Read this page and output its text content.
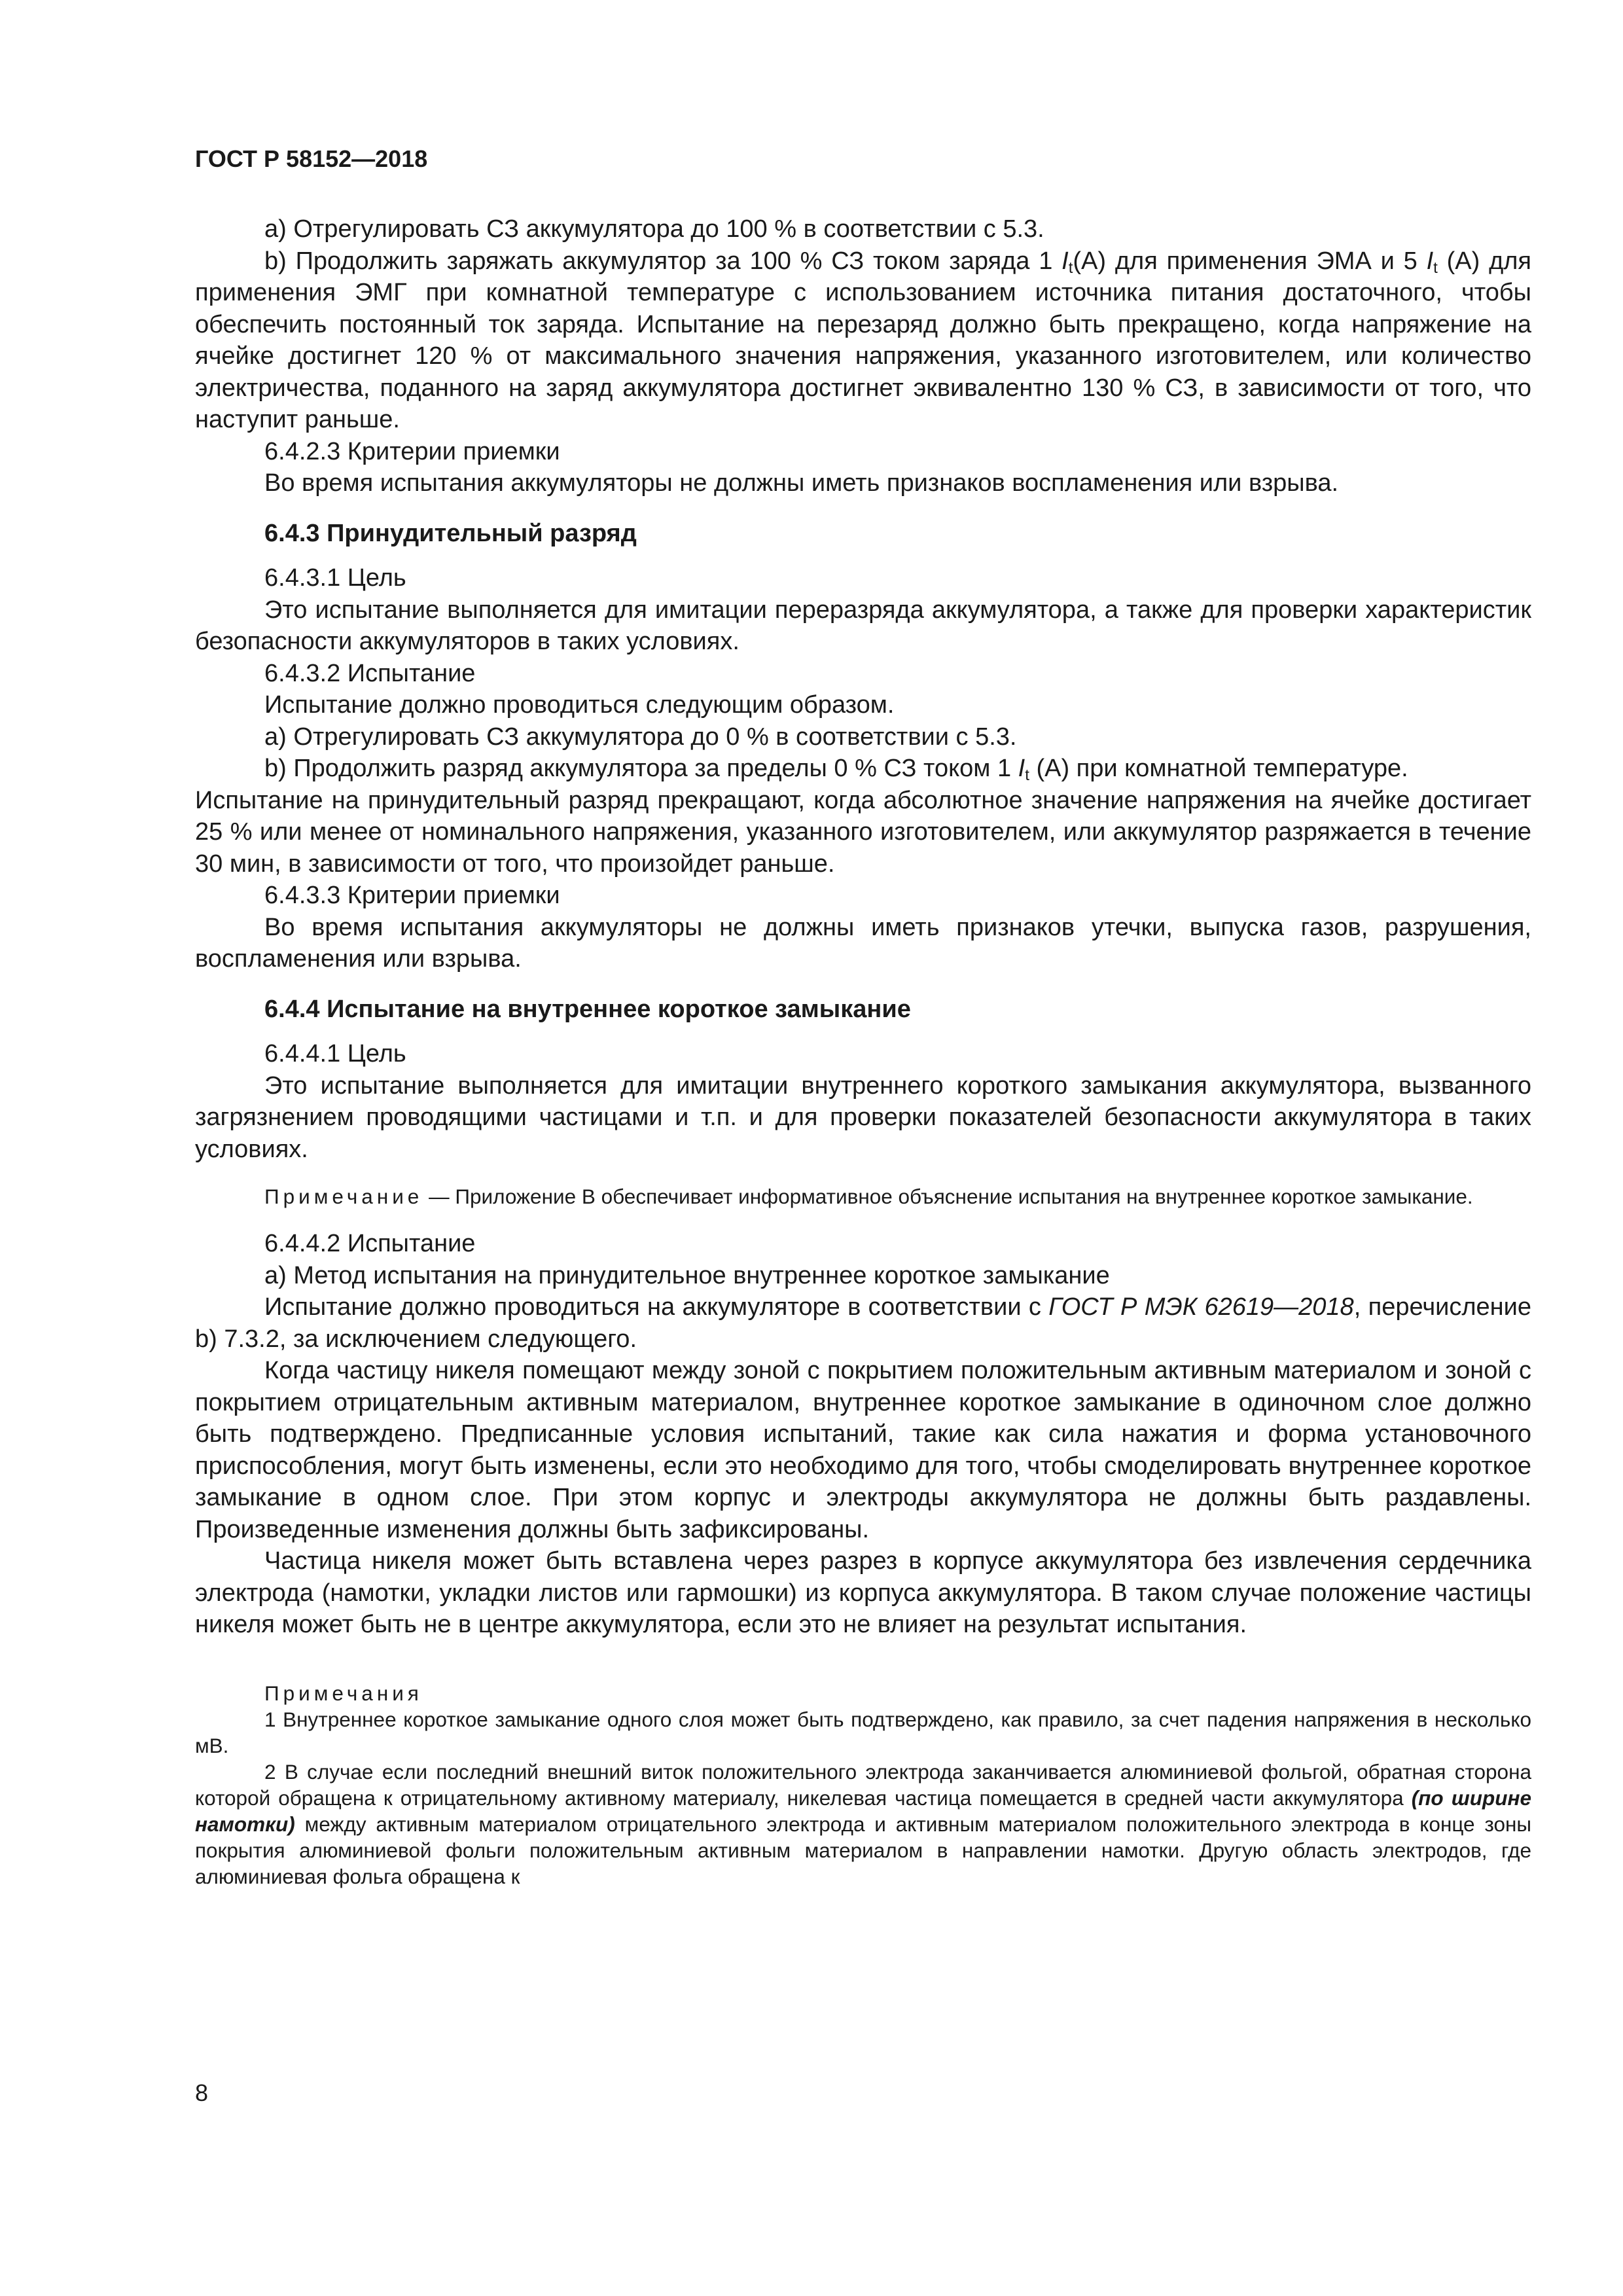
ГОСТ Р 58152—2018

a) Отрегулировать СЗ аккумулятора до 100 % в соответствии с 5.3.

b) Продолжить заряжать аккумулятор за 100 % СЗ током заряда 1 $I_t(А)$ для применения ЭМА и 5 $I_t$ (А) для применения ЭМГ при комнатной температуре с использованием источника питания достаточного, чтобы обеспечить постоянный ток заряда. Испытание на перезаряд должно быть прекращено, когда напряжение на ячейке достигнет 120 % от максимального значения напряжения, указанного изготовителем, или количество электричества, поданного на заряд аккумулятора достигнет эквивалентно 130 % СЗ, в зависимости от того, что наступит раньше.

6.4.2.3 Критерии приемки

Во время испытания аккумуляторы не должны иметь признаков воспламенения или взрыва.

6.4.3 Принудительный разряд

6.4.3.1 Цель

Это испытание выполняется для имитации переразряда аккумулятора, а также для проверки характеристик безопасности аккумуляторов в таких условиях.

6.4.3.2 Испытание

Испытание должно проводиться следующим образом.

a) Отрегулировать СЗ аккумулятора до 0 % в соответствии с 5.3.

b) Продолжить разряд аккумулятора за пределы 0 % СЗ током 1 $I_t$ (А) при комнатной температуре.

Испытание на принудительный разряд прекращают, когда абсолютное значение напряжения на ячейке достигает 25 % или менее от номинального напряжения, указанного изготовителем, или аккумулятор разряжается в течение 30 мин, в зависимости от того, что произойдет раньше.

6.4.3.3 Критерии приемки

Во время испытания аккумуляторы не должны иметь признаков утечки, выпуска газов, разрушения, воспламенения или взрыва.

6.4.4 Испытание на внутреннее короткое замыкание

6.4.4.1 Цель

Это испытание выполняется для имитации внутреннего короткого замыкания аккумулятора, вызванного загрязнением проводящими частицами и т.п. и для проверки показателей безопасности аккумулятора в таких условиях.

Примечание — Приложение В обеспечивает информативное объяснение испытания на внутреннее короткое замыкание.

6.4.4.2 Испытание

a) Метод испытания на принудительное внутреннее короткое замыкание

Испытание должно проводиться на аккумуляторе в соответствии с ГОСТ Р МЭК 62619—2018, перечисление b) 7.3.2, за исключением следующего.

Когда частицу никеля помещают между зоной с покрытием положительным активным материалом и зоной с покрытием отрицательным активным материалом, внутреннее короткое замыкание в одиночном слое должно быть подтверждено. Предписанные условия испытаний, такие как сила нажатия и форма установочного приспособления, могут быть изменены, если это необходимо для того, чтобы смоделировать внутреннее короткое замыкание в одном слое. При этом корпус и электроды аккумулятора не должны быть раздавлены. Произведенные изменения должны быть зафиксированы.

Частица никеля может быть вставлена через разрез в корпусе аккумулятора без извлечения сердечника электрода (намотки, укладки листов или гармошки) из корпуса аккумулятора. В таком случае положение частицы никеля может быть не в центре аккумулятора, если это не влияет на результат испытания.

Примечания

1 Внутреннее короткое замыкание одного слоя может быть подтверждено, как правило, за счет падения напряжения в несколько мВ.

2 В случае если последний внешний виток положительного электрода заканчивается алюминиевой фольгой, обратная сторона которой обращена к отрицательному активному материалу, никелевая частица помещается в средней части аккумулятора (по ширине намотки) между активным материалом отрицательного электрода и активным материалом положительного электрода в конце зоны покрытия алюминиевой фольги положительным активным материалом в направлении намотки. Другую область электродов, где алюминиевая фольга обращена к

8
